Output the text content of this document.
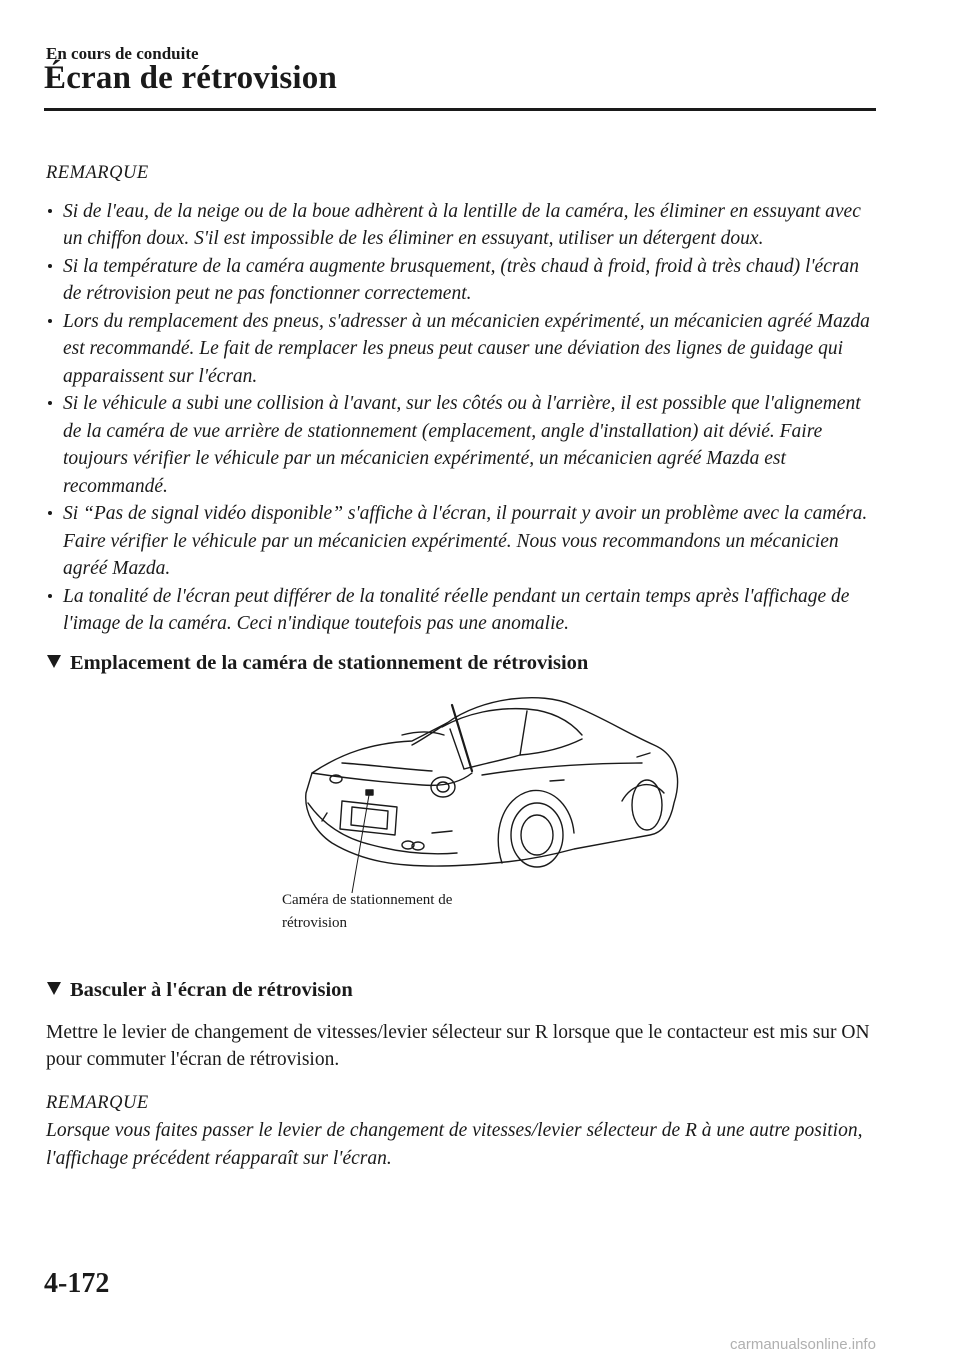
En cours de conduite
Écran de rétrovision
REMARQUE
Si de l'eau, de la neige ou de la boue adhèrent à la lentille de la caméra, les éliminer en essuyant avec un chiffon doux. S'il est impossible de les éliminer en essuyant, utiliser un détergent doux.
Si la température de la caméra augmente brusquement, (très chaud à froid, froid à très chaud) l'écran de rétrovision peut ne pas fonctionner correctement.
Lors du remplacement des pneus, s'adresser à un mécanicien expérimenté, un mécanicien agréé Mazda est recommandé. Le fait de remplacer les pneus peut causer une déviation des lignes de guidage qui apparaissent sur l'écran.
Si le véhicule a subi une collision à l'avant, sur les côtés ou à l'arrière, il est possible que l'alignement de la caméra de vue arrière de stationnement (emplacement, angle d'installation) ait dévié. Faire toujours vérifier le véhicule par un mécanicien expérimenté, un mécanicien agréé Mazda est recommandé.
Si “Pas de signal vidéo disponible” s'affiche à l'écran, il pourrait y avoir un problème avec la caméra. Faire vérifier le véhicule par un mécanicien expérimenté. Nous vous recommandons un mécanicien agréé Mazda.
La tonalité de l'écran peut différer de la tonalité réelle pendant un certain temps après l'affichage de l'image de la caméra. Ceci n'indique toutefois pas une anomalie.
Emplacement de la caméra de stationnement de rétrovision
Caméra de stationnement de
rétrovision
Basculer à l'écran de rétrovision

Mettre le levier de changement de vitesses/levier sélecteur sur R lorsque que le contacteur est mis sur ON pour commuter l'écran de rétrovision.

REMARQUE

Lorsque vous faites passer le levier de changement de vitesses/levier sélecteur de R à une autre position, l'affichage précédent réapparaît sur l'écran.

4-172
carmanualsonline.info
